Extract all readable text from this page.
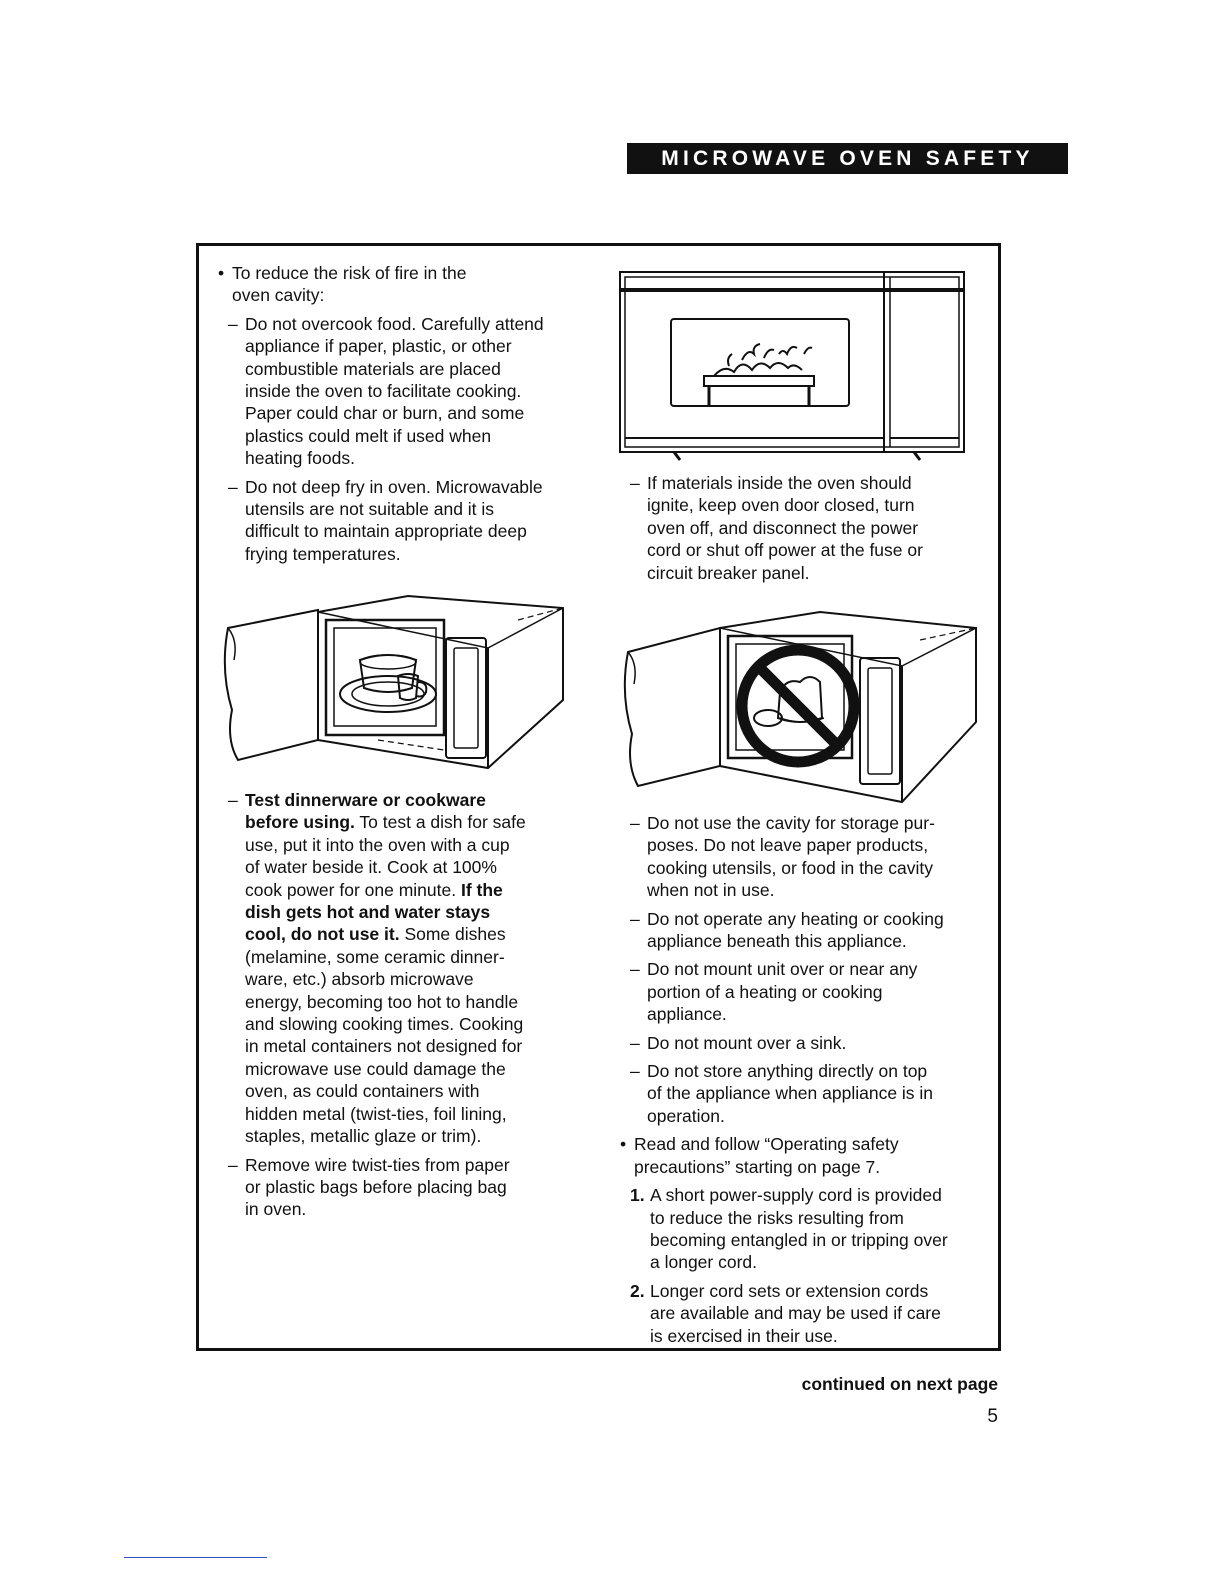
MICROWAVE OVEN SAFETY

• To reduce the risk of fire in the
oven cavity:

– Do not overcook food. Carefully attend
appliance if paper, plastic, or other
combustible materials are placed
inside the oven to facilitate cooking.
Paper could char or burn, and some
plastics could melt if used when
heating foods.

– Do not deep fry in oven. Microwavable
utensils are not suitable and it is
difficult to maintain appropriate deep
frying temperatures.

– If materials inside the oven should
ignite, keep oven door closed, turn
oven off, and disconnect the power
cord or shut off power at the fuse or
circuit breaker panel.

– Test dinnerware or cookware
before using. To test a dish for safe
use, put it into the oven with a cup
of water beside it. Cook at 100%
cook power for one minute. If the
dish gets hot and water stays
cool, do not use it. Some dishes
(melamine, some ceramic dinner-
ware, etc.) absorb microwave
energy, becoming too hot to handle
and slowing cooking times. Cooking
in metal containers not designed for
microwave use could damage the
oven, as could containers with
hidden metal (twist-ties, foil lining,
staples, metallic glaze or trim).

– Remove wire twist-ties from paper
or plastic bags before placing bag
in oven.

– Do not use the cavity for storage pur-
poses. Do not leave paper products,
cooking utensils, or food in the cavity
when not in use.

– Do not operate any heating or cooking
appliance beneath this appliance.

– Do not mount unit over or near any
portion of a heating or cooking
appliance.

– Do not mount over a sink.

– Do not store anything directly on top
of the appliance when appliance is in
operation.

• Read and follow “Operating safety
precautions” starting on page 7.

1. A short power-supply cord is provided
to reduce the risks resulting from
becoming entangled in or tripping over
a longer cord.

2. Longer cord sets or extension cords
are available and may be used if care
is exercised in their use.

continued on next page
5
